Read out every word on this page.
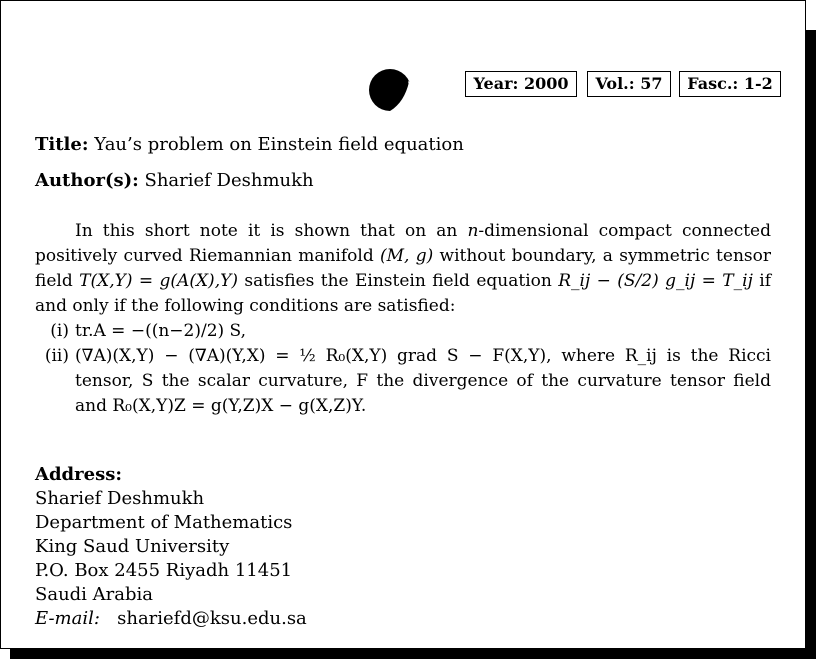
Year: 2000	Vol.: 57	Fasc.: 1-2
Title: Yau’s problem on Einstein field equation
Author(s): Sharief Deshmukh

In this short note it is shown that on an n-dimensional compact connected positively curved Riemannian manifold (M, g) without boundary, a symmetric tensor field T(X,Y) = g(A(X),Y) satisfies the Einstein field equation R_ij − (S/2) g_ij = T_ij if and only if the following conditions are satisfied:

(i) tr.A = −((n−2)/2) S,
(ii) (∇A)(X,Y) − (∇A)(Y,X) = ½ R₀(X,Y) grad S − F(X,Y), where R_ij is the Ricci tensor, S the scalar curvature, F the divergence of the curvature tensor field and R₀(X,Y)Z = g(Y,Z)X − g(X,Z)Y.
Address:
Sharief Deshmukh
Department of Mathematics
King Saud University
P.O. Box 2455 Riyadh 11451
Saudi Arabia
E-mail: shariefd@ksu.edu.sa
